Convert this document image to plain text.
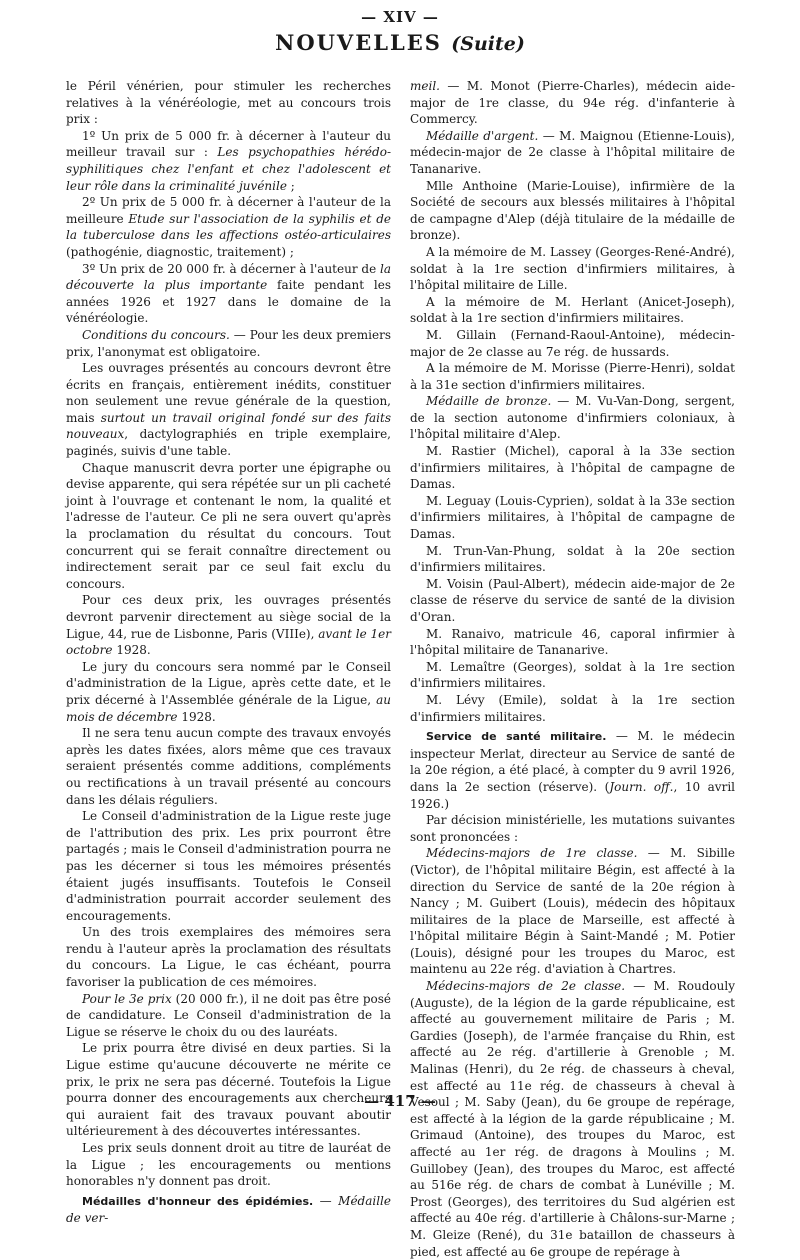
— XIV —
NOUVELLES (Suite)

le Péril vénérien, pour stimuler les recherches relatives à la vénéréologie, met au concours trois prix :

1º Un prix de 5 000 fr. à décerner à l'auteur du meilleur travail sur : Les psychopathies hérédo-syphilitiques chez l'enfant et chez l'adolescent et leur rôle dans la criminalité juvénile ;

2º Un prix de 5 000 fr. à décerner à l'auteur de la meilleure Etude sur l'association de la syphilis et de la tuberculose dans les affections ostéo-articulaires (pathogénie, diagnostic, traitement) ;

3º Un prix de 20 000 fr. à décerner à l'auteur de la découverte la plus importante faite pendant les années 1926 et 1927 dans le domaine de la vénéréologie.

Conditions du concours. — Pour les deux premiers prix, l'anonymat est obligatoire.

Les ouvrages présentés au concours devront être écrits en français, entièrement inédits, constituer non seulement une revue générale de la question, mais surtout un travail original fondé sur des faits nouveaux, dactylographiés en triple exemplaire, paginés, suivis d'une table.

Chaque manuscrit devra porter une épigraphe ou devise apparente, qui sera répétée sur un pli cacheté joint à l'ouvrage et contenant le nom, la qualité et l'adresse de l'auteur. Ce pli ne sera ouvert qu'après la proclamation du résultat du concours. Tout concurrent qui se ferait connaître directement ou indirectement serait par ce seul fait exclu du concours.

Pour ces deux prix, les ouvrages présentés devront parvenir directement au siège social de la Ligue, 44, rue de Lisbonne, Paris (VIIIe), avant le 1er octobre 1928.

Le jury du concours sera nommé par le Conseil d'administration de la Ligue, après cette date, et le prix décerné à l'Assemblée générale de la Ligue, au mois de décembre 1928.

Il ne sera tenu aucun compte des travaux envoyés après les dates fixées, alors même que ces travaux seraient présentés comme additions, compléments ou rectifications à un travail présenté au concours dans les délais réguliers.

Le Conseil d'administration de la Ligue reste juge de l'attribution des prix. Les prix pourront être partagés ; mais le Conseil d'administration pourra ne pas les décerner si tous les mémoires présentés étaient jugés insuffisants. Toutefois le Conseil d'administration pourrait accorder seulement des encouragements.

Un des trois exemplaires des mémoires sera rendu à l'auteur après la proclamation des résultats du concours. La Ligue, le cas échéant, pourra favoriser la publication de ces mémoires.

Pour le 3e prix (20 000 fr.), il ne doit pas être posé de candidature. Le Conseil d'administration de la Ligue se réserve le choix du ou des lauréats.

Le prix pourra être divisé en deux parties. Si la Ligue estime qu'aucune découverte ne mérite ce prix, le prix ne sera pas décerné. Toutefois la Ligue pourra donner des encouragements aux chercheurs qui auraient fait des travaux pouvant aboutir ultérieurement à des découvertes intéressantes.

Les prix seuls donnent droit au titre de lauréat de la Ligue ; les encouragements ou mentions honorables n'y donnent pas droit.

Médailles d'honneur des épidémies. — Médaille de ver-

meil. — M. Monot (Pierre-Charles), médecin aide-major de 1re classe, du 94e rég. d'infanterie à Commercy.

Médaille d'argent. — M. Maignou (Etienne-Louis), médecin-major de 2e classe à l'hôpital militaire de Tananarive.

Mlle Anthoine (Marie-Louise), infirmière de la Société de secours aux blessés militaires à l'hôpital de campagne d'Alep (déjà titulaire de la médaille de bronze).

A la mémoire de M. Lassey (Georges-René-André), soldat à la 1re section d'infirmiers militaires, à l'hôpital militaire de Lille.

A la mémoire de M. Herlant (Anicet-Joseph), soldat à la 1re section d'infirmiers militaires.

M. Gillain (Fernand-Raoul-Antoine), médecin-major de 2e classe au 7e rég. de hussards.

A la mémoire de M. Morisse (Pierre-Henri), soldat à la 31e section d'infirmiers militaires.

Médaille de bronze. — M. Vu-Van-Dong, sergent, de la section autonome d'infirmiers coloniaux, à l'hôpital militaire d'Alep.

M. Rastier (Michel), caporal à la 33e section d'infirmiers militaires, à l'hôpital de campagne de Damas.

M. Leguay (Louis-Cyprien), soldat à la 33e section d'infirmiers militaires, à l'hôpital de campagne de Damas.

M. Trun-Van-Phung, soldat à la 20e section d'infirmiers militaires.

M. Voisin (Paul-Albert), médecin aide-major de 2e classe de réserve du service de santé de la division d'Oran.

M. Ranaivo, matricule 46, caporal infirmier à l'hôpital militaire de Tananarive.

M. Lemaître (Georges), soldat à la 1re section d'infirmiers militaires.

M. Lévy (Emile), soldat à la 1re section d'infirmiers militaires.

Service de santé militaire. — M. le médecin inspecteur Merlat, directeur au Service de santé de la 20e région, a été placé, à compter du 9 avril 1926, dans la 2e section (réserve). (Journ. off., 10 avril 1926.)

Par décision ministérielle, les mutations suivantes sont prononcées :

Médecins-majors de 1re classe. — M. Sibille (Victor), de l'hôpital militaire Bégin, est affecté à la direction du Service de santé de la 20e région à Nancy ; M. Guibert (Louis), médecin des hôpitaux militaires de la place de Marseille, est affecté à l'hôpital militaire Bégin à Saint-Mandé ; M. Potier (Louis), désigné pour les troupes du Maroc, est maintenu au 22e rég. d'aviation à Chartres.

Médecins-majors de 2e classe. — M. Roudouly (Auguste), de la légion de la garde républicaine, est affecté au gouvernement militaire de Paris ; M. Gardies (Joseph), de l'armée française du Rhin, est affecté au 2e rég. d'artillerie à Grenoble ; M. Malinas (Henri), du 2e rég. de chasseurs à cheval, est affecté au 11e rég. de chasseurs à cheval à Vesoul ; M. Saby (Jean), du 6e groupe de repérage, est affecté à la légion de la garde républicaine ; M. Grimaud (Antoine), des troupes du Maroc, est affecté au 1er rég. de dragons à Moulins ; M. Guillobey (Jean), des troupes du Maroc, est affecté au 516e rég. de chars de combat à Lunéville ; M. Prost (Georges), des territoires du Sud algérien est affecté au 40e rég. d'artillerie à Châlons-sur-Marne ; M. Gleize (René), du 31e bataillon de chasseurs à pied, est affecté au 6e groupe de repérage à

— 417 —
